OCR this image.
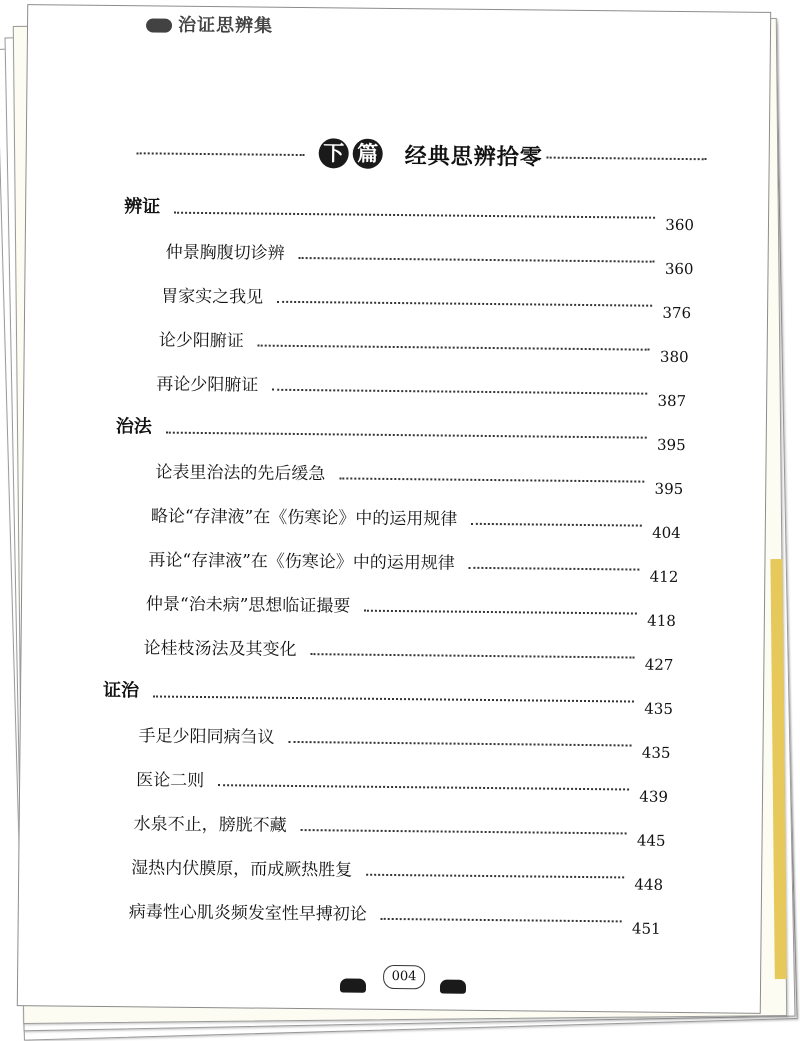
治证思辨集
下 篇 经典思辨拾零
辨证
360
仲景胸腹切诊辨
360
胃家实之我见
376
论少阳腑证
380
再论少阳腑证
387
治法
395
论表里治法的先后缓急
395
略论“存津液”在《伤寒论》中的运用规律
404
再论“存津液”在《伤寒论》中的运用规律
412
仲景“治未病”思想临证撮要
418
论桂枝汤法及其变化
427
证治
435
手足少阳同病刍议
435
医论二则
439
水泉不止，膀胱不藏
445
湿热内伏膜原，而成厥热胜复
448
病毒性心肌炎频发室性早搏初论
451
004
